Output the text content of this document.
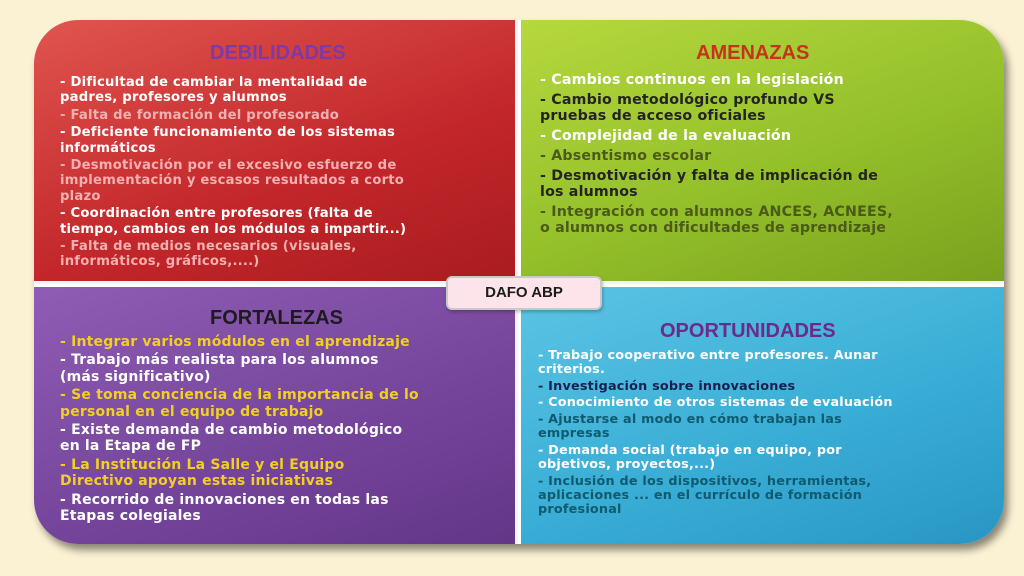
DEBILIDADES
- Dificultad de cambiar la mentalidad de
padres, profesores y alumnos
- Falta de formación del profesorado
- Deficiente funcionamiento de los sistemas
informáticos
- Desmotivación por el excesivo esfuerzo de
implementación y escasos resultados a corto
plazo
- Coordinación entre profesores (falta de
tiempo, cambios en los módulos a impartir...)
- Falta de medios necesarios (visuales,
informáticos, gráficos,....)
AMENAZAS
- Cambios continuos en la legislación
- Cambio metodológico profundo VS
pruebas de acceso oficiales
- Complejidad de la evaluación
- Absentismo escolar
- Desmotivación y falta de implicación de
los alumnos
- Integración con alumnos ANCES, ACNEES,
o alumnos con dificultades de aprendizaje
FORTALEZAS
- Integrar varios módulos en el aprendizaje
- Trabajo más realista para los alumnos
(más significativo)
- Se toma conciencia de la importancia de lo
personal en el equipo de trabajo
- Existe demanda de cambio metodológico
en la Etapa de FP
- La Institución La Salle y el Equipo
Directivo apoyan estas iniciativas
- Recorrido de innovaciones en todas las
Etapas colegiales
OPORTUNIDADES
- Trabajo cooperativo entre profesores. Aunar
criterios.
- Investigación sobre innovaciones
- Conocimiento de otros sistemas de evaluación
- Ajustarse al modo en cómo trabajan las
empresas
- Demanda social (trabajo en equipo, por
objetivos, proyectos,...)
- Inclusión de los dispositivos, herramientas,
aplicaciones ... en el currículo de formación
profesional
DAFO ABP
